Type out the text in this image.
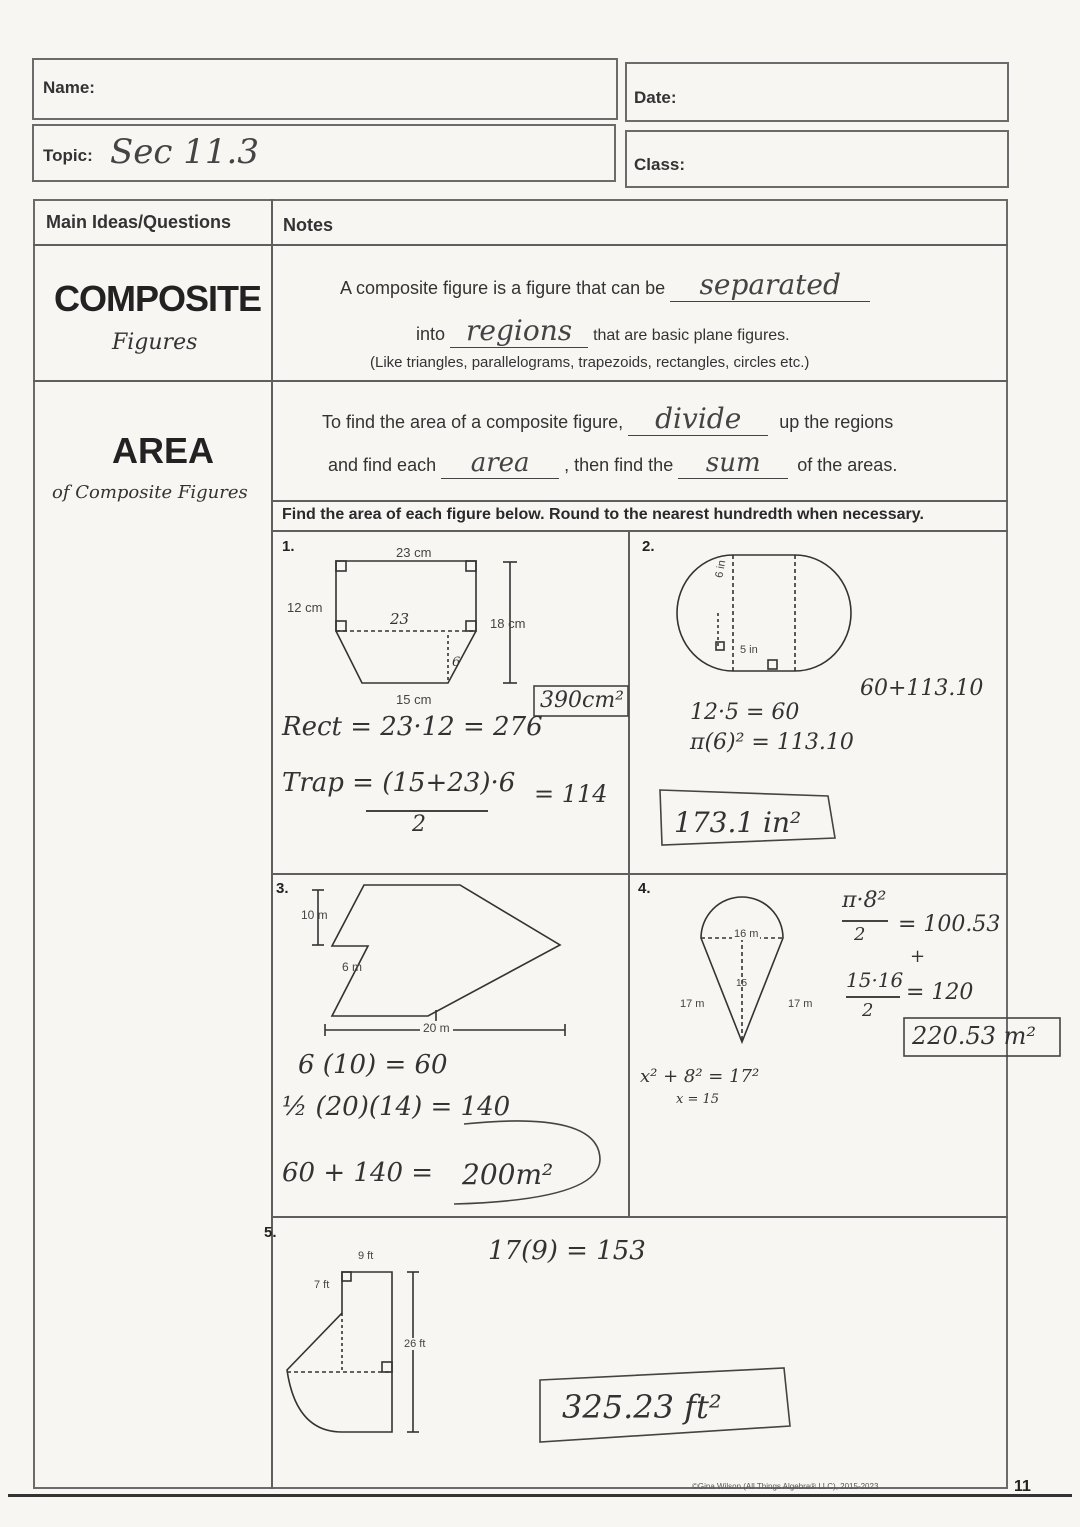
Name:
Date:
Topic: Sec 11.3	Class:
Main Ideas/Questions	Notes
COMPOSITE
Figures
A composite figure is a figure that can be separated
into regions that are basic plane figures.
(Like triangles, parallelograms, trapezoids, rectangles, circles etc.)
AREA
of Composite Figures
To find the area of a composite figure, divide up the regions
and find each area , then find the sum of the areas.
Find the area of each figure below. Round to the nearest hundredth when necessary.
1.	2.
3.	4.
5.
23 cm
12 cm
18 cm
15 cm
23
6
Rect = 23·12 = 276
Trap = (15+23)·6
2
= 114
390cm²
6 in
5 in
12·5 = 60
π(6)² = 113.10
60+113.10
173.1 in²
10 m
6 m
20 m
6 (10) = 60
½ (20)(14) = 140
60 + 140 = 200m²
16 m
15
17 m	17 m
π·8²
2 = 100.53
+
15·16
2
= 120
x² + 8² = 17²
x = 15
220.53 m²
9 ft
7 ft
26 ft
17(9) = 153
325.23 ft²
©Gina Wilson (All Things Algebra® LLC), 2015-2023	11
